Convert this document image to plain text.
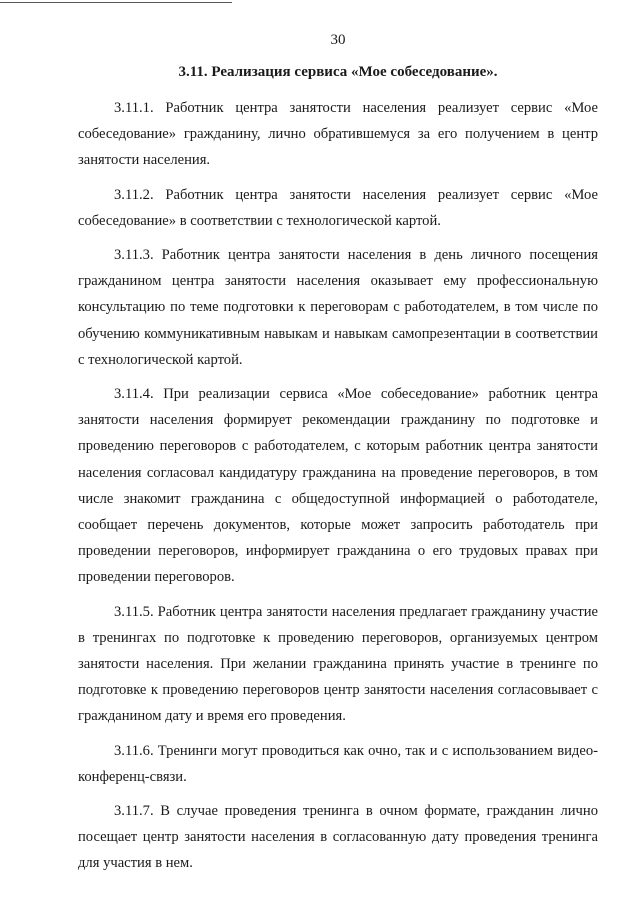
30
3.11. Реализация сервиса «Мое собеседование».

3.11.1. Работник центра занятости населения реализует сервис «Мое собеседование» гражданину, лично обратившемуся за его получением в центр занятости населения.

3.11.2. Работник центра занятости населения реализует сервис «Мое собеседование» в соответствии с технологической картой.

3.11.3. Работник центра занятости населения в день личного посещения гражданином центра занятости населения оказывает ему профессиональную консультацию по теме подготовки к переговорам с работодателем, в том числе по обучению коммуникативным навыкам и навыкам самопрезентации в соответствии с технологической картой.

3.11.4. При реализации сервиса «Мое собеседование» работник центра занятости населения формирует рекомендации гражданину по подготовке и проведению переговоров с работодателем, с которым работник центра занятости населения согласовал кандидатуру гражданина на проведение переговоров, в том числе знакомит гражданина с общедоступной информацией о работодателе, сообщает перечень документов, которые может запросить работодатель при проведении переговоров, информирует гражданина о его трудовых правах при проведении переговоров.

3.11.5. Работник центра занятости населения предлагает гражданину участие в тренингах по подготовке к проведению переговоров, организуемых центром занятости населения. При желании гражданина принять участие в тренинге по подготовке к проведению переговоров центр занятости населения согласовывает с гражданином дату и время его проведения.

3.11.6. Тренинги могут проводиться как очно, так и с использованием видео-конференц-связи.

3.11.7. В случае проведения тренинга в очном формате, гражданин лично посещает центр занятости населения в согласованную дату проведения тренинга для участия в нем.
